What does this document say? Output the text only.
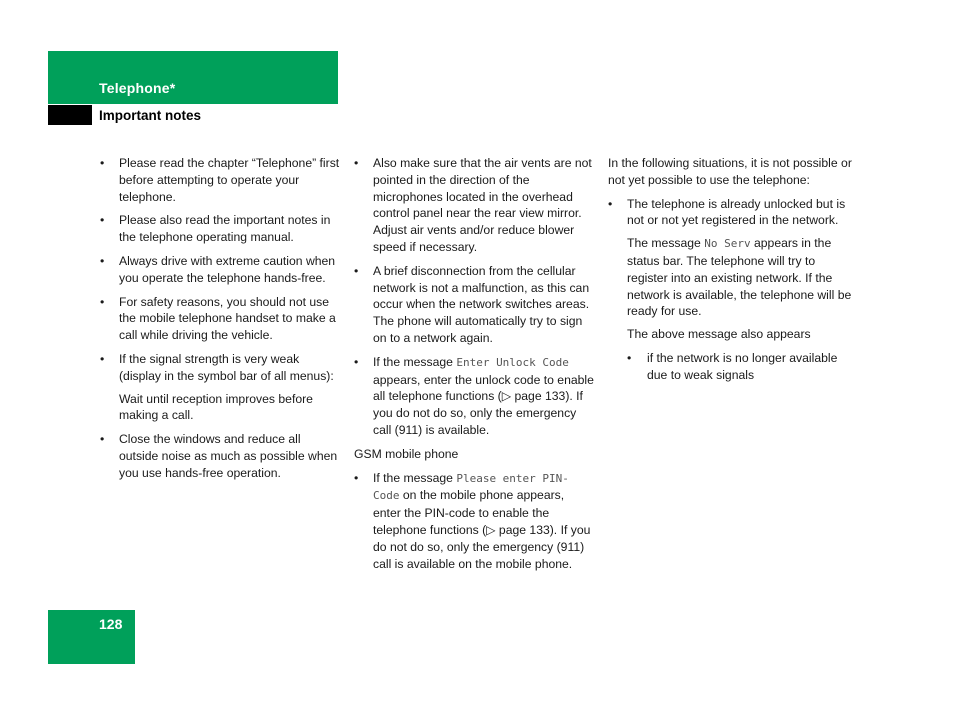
Telephone*
Important notes
• Please read the chapter “Telephone” first before attempting to operate your telephone.
• Please also read the important notes in the telephone operating manual.
• Always drive with extreme caution when you operate the telephone hands-free.
• For safety reasons, you should not use the mobile telephone handset to make a call while driving the vehicle.
• If the signal strength is very weak (display in the symbol bar of all menus):
Wait until reception improves before making a call.
• Close the windows and reduce all outside noise as much as possible when you use hands-free operation.
• Also make sure that the air vents are not pointed in the direction of the microphones located in the overhead control panel near the rear view mirror. Adjust air vents and/or reduce blower speed if necessary.
• A brief disconnection from the cellular network is not a malfunction, as this can occur when the network switches areas. The phone will automatically try to sign on to a network again.
• If the message Enter Unlock Code appears, enter the unlock code to enable all telephone functions (▷ page 133). If you do not do so, only the emergency call (911) is available.
GSM mobile phone
• If the message Please enter PIN-Code on the mobile phone appears, enter the PIN-code to enable the telephone functions (▷ page 133). If you do not do so, only the emergency (911) call is available on the mobile phone.
In the following situations, it is not possible or not yet possible to use the telephone:
• The telephone is already unlocked but is not or not yet registered in the network.
The message No Serv appears in the status bar. The telephone will try to register into an existing network. If the network is available, the telephone will be ready for use.
The above message also appears
• if the network is no longer available due to weak signals
128
